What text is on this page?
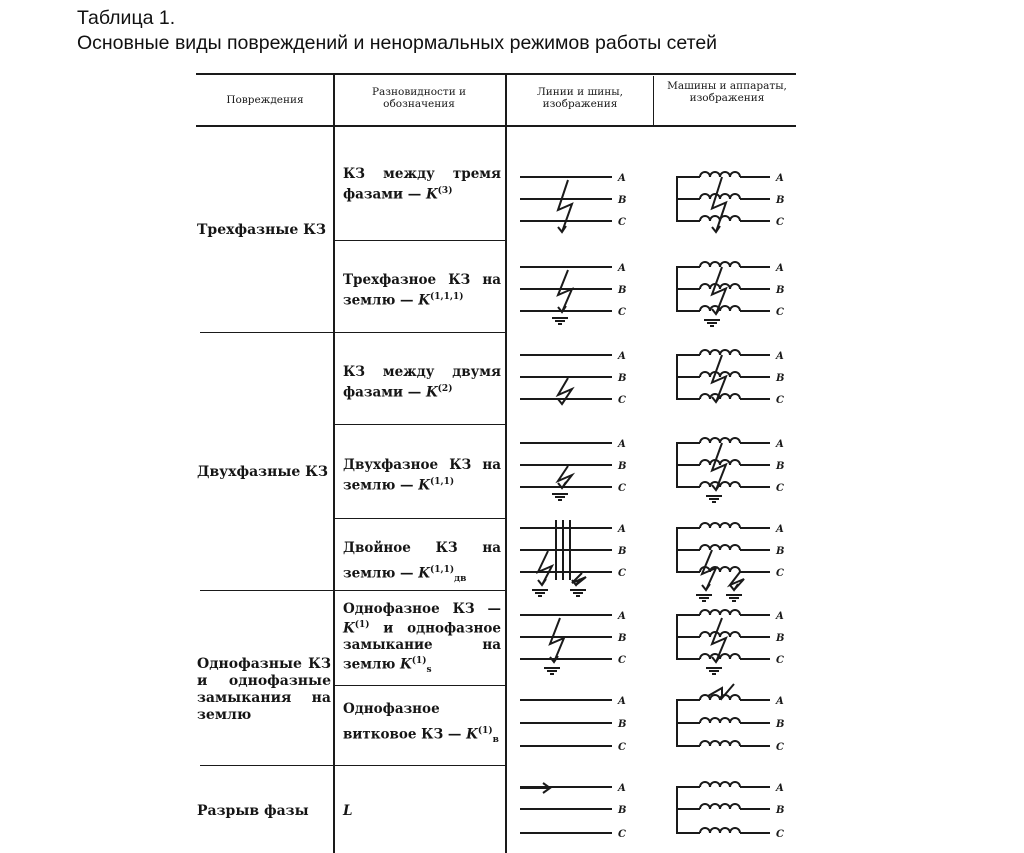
Таблица 1.
Основные виды повреждений и ненормальных режимов работы сетей
Повреждения
Разновидности и обозначения
Линии и шины, изображения
Машины и аппараты, изображения
Трехфазные КЗ
Двухфазные КЗ
Однофазные КЗ и однофазные замыкания на землю
Разрыв фазы
КЗ между тремя фазами — $K^{(3)}$
Трехфазное КЗ на землю — K$^{(1,1,1)}$
КЗ между двумя фазами — $K^{(2)}$
Двухфазное КЗ на землю — K$^{(1,1)}$
Двойное КЗ на землю — K$^{(1,1)}_{дв}$
Однофазное КЗ — $K^{(1)}$ и однофазное замыкание на землю $K^{(1)}_s$
Однофазное витковое КЗ — $K^{(1)}_в$
L
A
B
C
A
B
C
A
B
C
A
B
C
A
B
C
A
B
C
A
B
C
A
B
C
A
B
C
A
B
C
A
B
C
A
B
C
A
B
C
A
B
C
A
B
C
A
B
C
